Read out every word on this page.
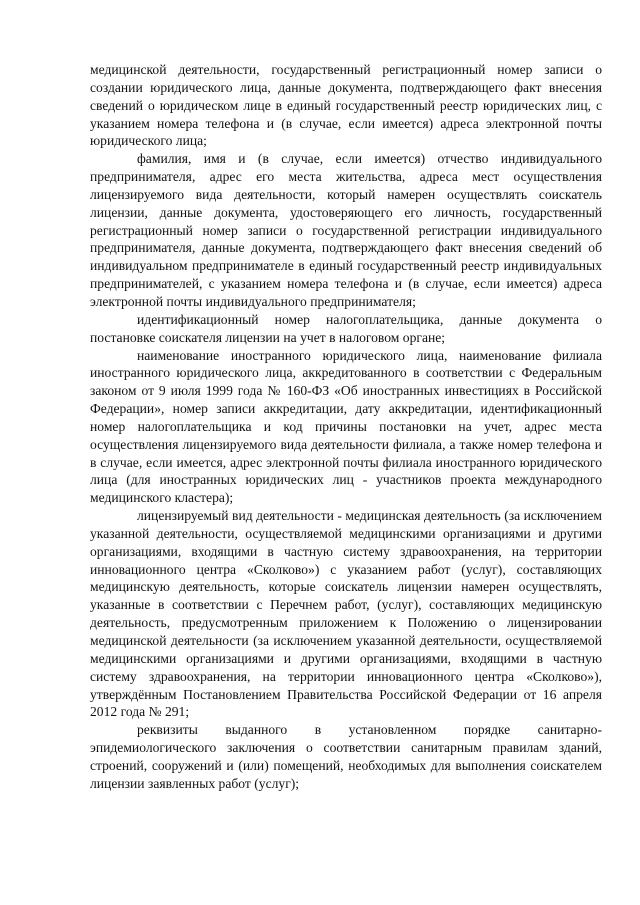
медицинской деятельности, государственный регистрационный номер записи о создании юридического лица, данные документа, подтверждающего факт внесения сведений о юридическом лице в единый государственный реестр юридических лиц, с указанием номера телефона и (в случае, если имеется) адреса электронной почты юридического лица;

фамилия, имя и (в случае, если имеется) отчество индивидуального предпринимателя, адрес его места жительства, адреса мест осуществления лицензируемого вида деятельности, который намерен осуществлять соискатель лицензии, данные документа, удостоверяющего его личность, государственный регистрационный номер записи о государственной регистрации индивидуального предпринимателя, данные документа, подтверждающего факт внесения сведений об индивидуальном предпринимателе в единый государственный реестр индивидуальных предпринимателей, с указанием номера телефона и (в случае, если имеется) адреса электронной почты индивидуального предпринимателя;

идентификационный номер налогоплательщика, данные документа о постановке соискателя лицензии на учет в налоговом органе;

наименование иностранного юридического лица, наименование филиала иностранного юридического лица, аккредитованного в соответствии с Федеральным законом от 9 июля 1999 года № 160-ФЗ «Об иностранных инвестициях в Российской Федерации», номер записи аккредитации, дату аккредитации, идентификационный номер налогоплательщика и код причины постановки на учет, адрес места осуществления лицензируемого вида деятельности филиала, а также номер телефона и в случае, если имеется, адрес электронной почты филиала иностранного юридического лица (для иностранных юридических лиц - участников проекта международного медицинского кластера);

лицензируемый вид деятельности - медицинская деятельность (за исключением указанной деятельности, осуществляемой медицинскими организациями и другими организациями, входящими в частную систему здравоохранения, на территории инновационного центра «Сколково») с указанием работ (услуг), составляющих медицинскую деятельность, которые соискатель лицензии намерен осуществлять, указанные в соответствии с Перечнем работ, (услуг), составляющих медицинскую деятельность, предусмотренным приложением к Положению о лицензировании медицинской деятельности (за исключением указанной деятельности, осуществляемой медицинскими организациями и другими организациями, входящими в частную систему здравоохранения, на территории инновационного центра «Сколково»), утверждённым Постановлением Правительства Российской Федерации от 16 апреля 2012 года № 291;

реквизиты выданного в установленном порядке санитарно-эпидемиологического заключения о соответствии санитарным правилам зданий, строений, сооружений и (или) помещений, необходимых для выполнения соискателем лицензии заявленных работ (услуг);
